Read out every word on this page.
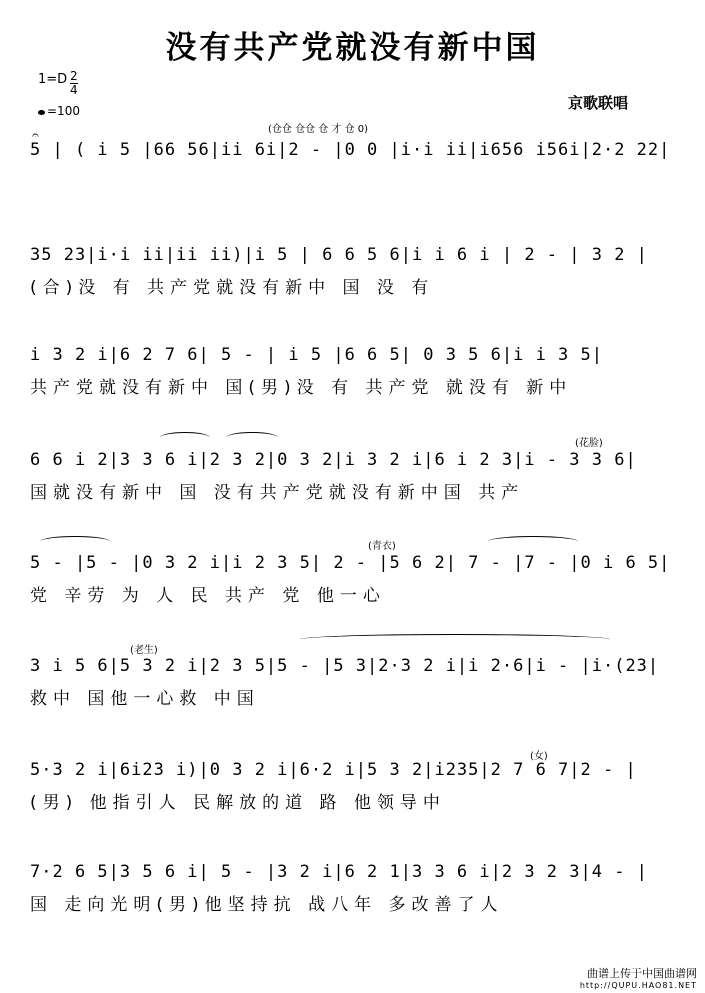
没有共产党就没有新中国
$1=D \frac{2}{4}$
=100	京歌联唱
𝄐	(仓仓 仓仓 仓 才 仓 0)
(花脸)
(青衣)
(老生)
(女)
5 | ( i 5 |66 56|ii 6i|2 - |0 0 |i·i ii|i656 i56i|2·2 22|
35 23|i·i ii|ii ii)|i 5 | 6 6 5 6|i i 6 i | 2 - | 3 2 |
(合)没 有 共产党就没有新中 国 没 有
i 3 2 i|6 2 7 6| 5 - | i 5 |6 6 5| 0 3 5 6|i i 3 5|
共产党就没有新中 国(男)没 有 共产党 就没有 新中
6 6 i 2|3 3 6 i|2 3 2|0 3 2|i 3 2 i|6 i 2 3|i - 3 3 6|
国就没有新中 国 没有共产党就没有新中国 共产
5 - |5 - |0 3 2 i|i 2 3 5| 2 - |5 6 2| 7 - |7 - |0 i 6 5|
党 辛劳 为 人 民 共产 党 他一心
3 i 5 6|5 3 2 i|2 3 5|5 - |5 3|2·3 2 i|i 2·6|i - |i·(23|
救中 国他一心救 中国
5·3 2 i|6i23 i)|0 3 2 i|6·2 i|5 3 2|i235|2 7 6 7|2 - |
(男) 他指引人 民解放的道 路 他领导中
7·2 6 5|3 5 6 i| 5 - |3 2 i|6 2 1|3 3 6 i|2 3 2 3|4 - |
国 走向光明(男)他坚持抗 战八年 多改善了人
曲谱上传于中国曲谱网
http://QUPU.HAO81.NET
